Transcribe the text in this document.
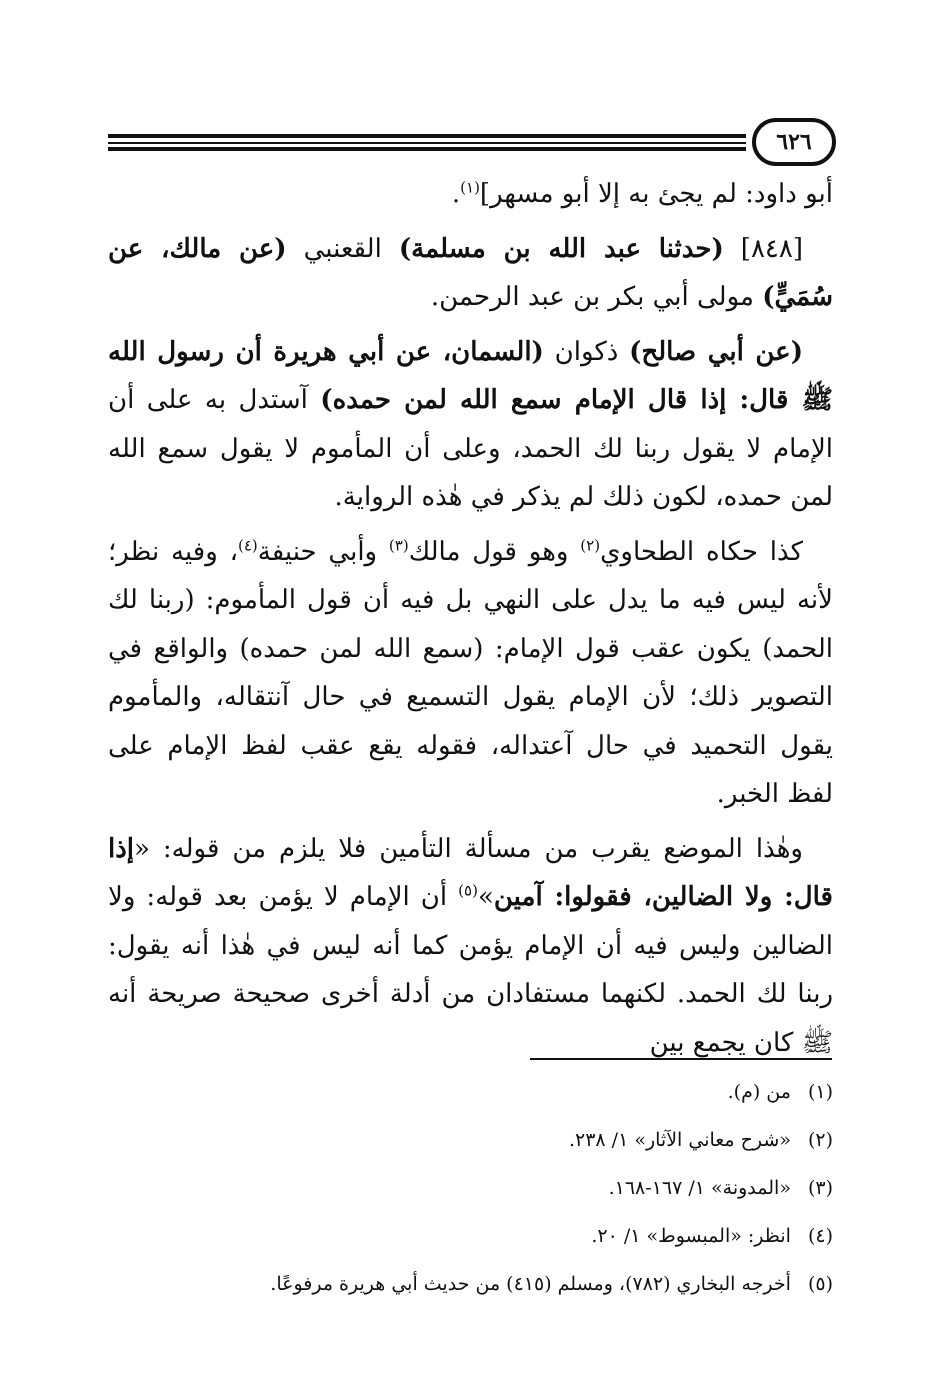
٦٢٦

أبو داود: لم يجئ به إلا أبو مسهر]$^{(١)}$.

[٨٤٨] (حدثنا عبد الله بن مسلمة) القعنبي (عن مالك، عن سُمَيٍّ) مولى أبي بكر بن عبد الرحمن.

(عن أبي صالح) ذكوان (السمان، عن أبي هريرة أن رسول الله ﷺ قال: إذا قال الإمام سمع الله لمن حمده) آستدل به على أن الإمام لا يقول ربنا لك الحمد، وعلى أن المأموم لا يقول سمع الله لمن حمده، لكون ذلك لم يذكر في هٰذه الرواية.

كذا حكاه الطحاوي$^{(٢)}$ وهو قول مالك$^{(٣)}$ وأبي حنيفة$^{(٤)}$، وفيه نظر؛ لأنه ليس فيه ما يدل على النهي بل فيه أن قول المأموم: (ربنا لك الحمد) يكون عقب قول الإمام: (سمع الله لمن حمده) والواقع في التصوير ذلك؛ لأن الإمام يقول التسميع في حال آنتقاله، والمأموم يقول التحميد في حال آعتداله، فقوله يقع عقب لفظ الإمام على لفظ الخبر.

وهٰذا الموضع يقرب من مسألة التأمين فلا يلزم من قوله: «إذا قال: ولا الضالين، فقولوا: آمين»$^{(٥)}$ أن الإمام لا يؤمن بعد قوله: ولا الضالين وليس فيه أن الإمام يؤمن كما أنه ليس في هٰذا أنه يقول: ربنا لك الحمد. لكنهما مستفادان من أدلة أخرى صحيحة صريحة أنه ﷺ كان يجمع بين

(١) من (م).
(٢) «شرح معاني الآثار» ١/ ٢٣٨.
(٣) «المدونة» ١/ ١٦٧-١٦٨.
(٤) انظر: «المبسوط» ١/ ٢٠.
(٥) أخرجه البخاري (٧٨٢)، ومسلم (٤١٥) من حديث أبي هريرة مرفوعًا.
